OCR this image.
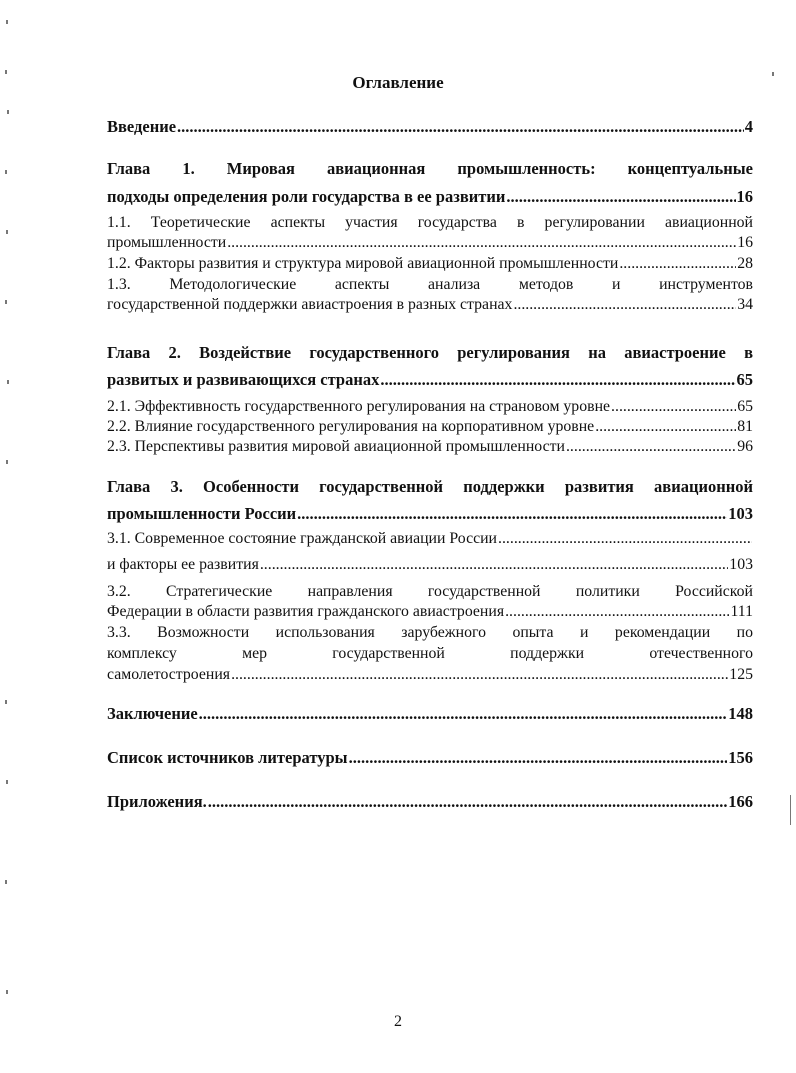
Оглавление
Введение .....	4
Глава 1. Мировая авиационная промышленность: концептуальные
подходы определения роли государства в ее развитии .....	16
1.1. Теоретические аспекты участия государства в регулировании авиационной
промышленности .....	16
1.2. Факторы развития и структура мировой авиационной промышленности .....	28
1.3. Методологические аспекты анализа методов и инструментов
государственной поддержки авиастроения в разных странах .....	34
Глава 2. Воздействие государственного регулирования на авиастроение в
развитых и развивающихся странах .....	65
2.1. Эффективность государственного регулирования на страновом уровне .....	65
2.2. Влияние государственного регулирования на корпоративном уровне .....	81
2.3. Перспективы развития мировой авиационной промышленности .....	96
Глава 3. Особенности государственной поддержки развития авиационной
промышленности России .....	103
3.1. Современное состояние гражданской авиации России
.....
и факторы ее развития .....	103
3.2. Стратегические направления государственной политики Российской
Федерации в области развития гражданского авиастроения .....	111
3.3. Возможности использования зарубежного опыта и рекомендации по
комплексу мер государственной поддержки отечественного
самолетостроения .....	125
Заключение .....	148
Список источников литературы .....	156
Приложения. .....	166
2
